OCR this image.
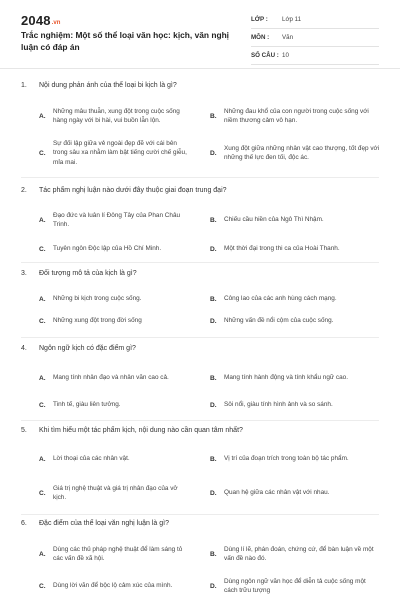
2048 .vn
Trắc nghiệm: Một số thể loại văn học: kịch, văn nghị luận có đáp án
LỚP :	Lớp 11
MÔN :	Văn
SỐ CÂU : 10
1. Nội dung phản ánh của thể loại bi kịch là gì?
A.
Những mâu thuẫn, xung đột trong cuộc sống hàng ngày với bi hài, vui buồn lẫn lộn.
B.
Những đau khổ của con người trong cuộc sống với niềm thương cảm vô hạn.
C.
Sự đối lập giữa vẻ ngoài đẹp đẽ với cái bên trong sâu xa nhằm làm bật tiếng cười chế giễu, mỉa mai.
D.
Xung đột giữa những nhân vật cao thượng, tốt đẹp với những thế lực đen tối, độc ác.
2. Tác phẩm nghị luận nào dưới đây thuộc giai đoạn trung đại?
A.
Đạo đức và luân lí Đông Tây của Phan Châu Trinh.
B.	Chiếu cầu hiền của Ngô Thì Nhậm.
C.	Tuyên ngôn Độc lập của Hồ Chí Minh.	D.	Một thời đại trong thi ca của Hoài Thanh.
3. Đối tượng mô tả của kịch là gì?
A.	Những bi kịch trong cuộc sống.	B.	Công lao của các anh hùng cách mạng.
C.	Những xung đột trong đời sống	D.	Những vấn đề nổi cộm của cuộc sống.
4. Ngôn ngữ kịch có đặc điểm gì?
A.	Mang tính nhân đạo và nhân văn cao cả.	B.	Mang tính hành động và tính khẩu ngữ cao.
C.	Tinh tế, giàu liên tưởng.	D.	Sôi nổi, giàu tính hình ảnh và so sánh.
5. Khi tìm hiểu một tác phẩm kịch, nội dung nào cần quan tâm nhất?
A.	Lời thoại của các nhân vật.	B.	Vị trí của đoạn trích trong toàn bộ tác phẩm.
C.
Giá trị nghệ thuật và giá trị nhân đạo của vở kịch.
D.	Quan hệ giữa các nhân vật với nhau.
6. Đặc điểm của thể loại văn nghị luận là gì?
A.
Dùng các thủ pháp nghệ thuật để làm sáng tỏ các vấn đề xã hội.
B.
Dùng lí lẽ, phán đoán, chứng cứ, để bàn luận về một vấn đề nào đó.
C.	Dùng lời văn để bộc lộ cảm xúc của mình.	D.
Dùng ngôn ngữ văn học để diễn tả cuộc sống một cách trữu tượng
